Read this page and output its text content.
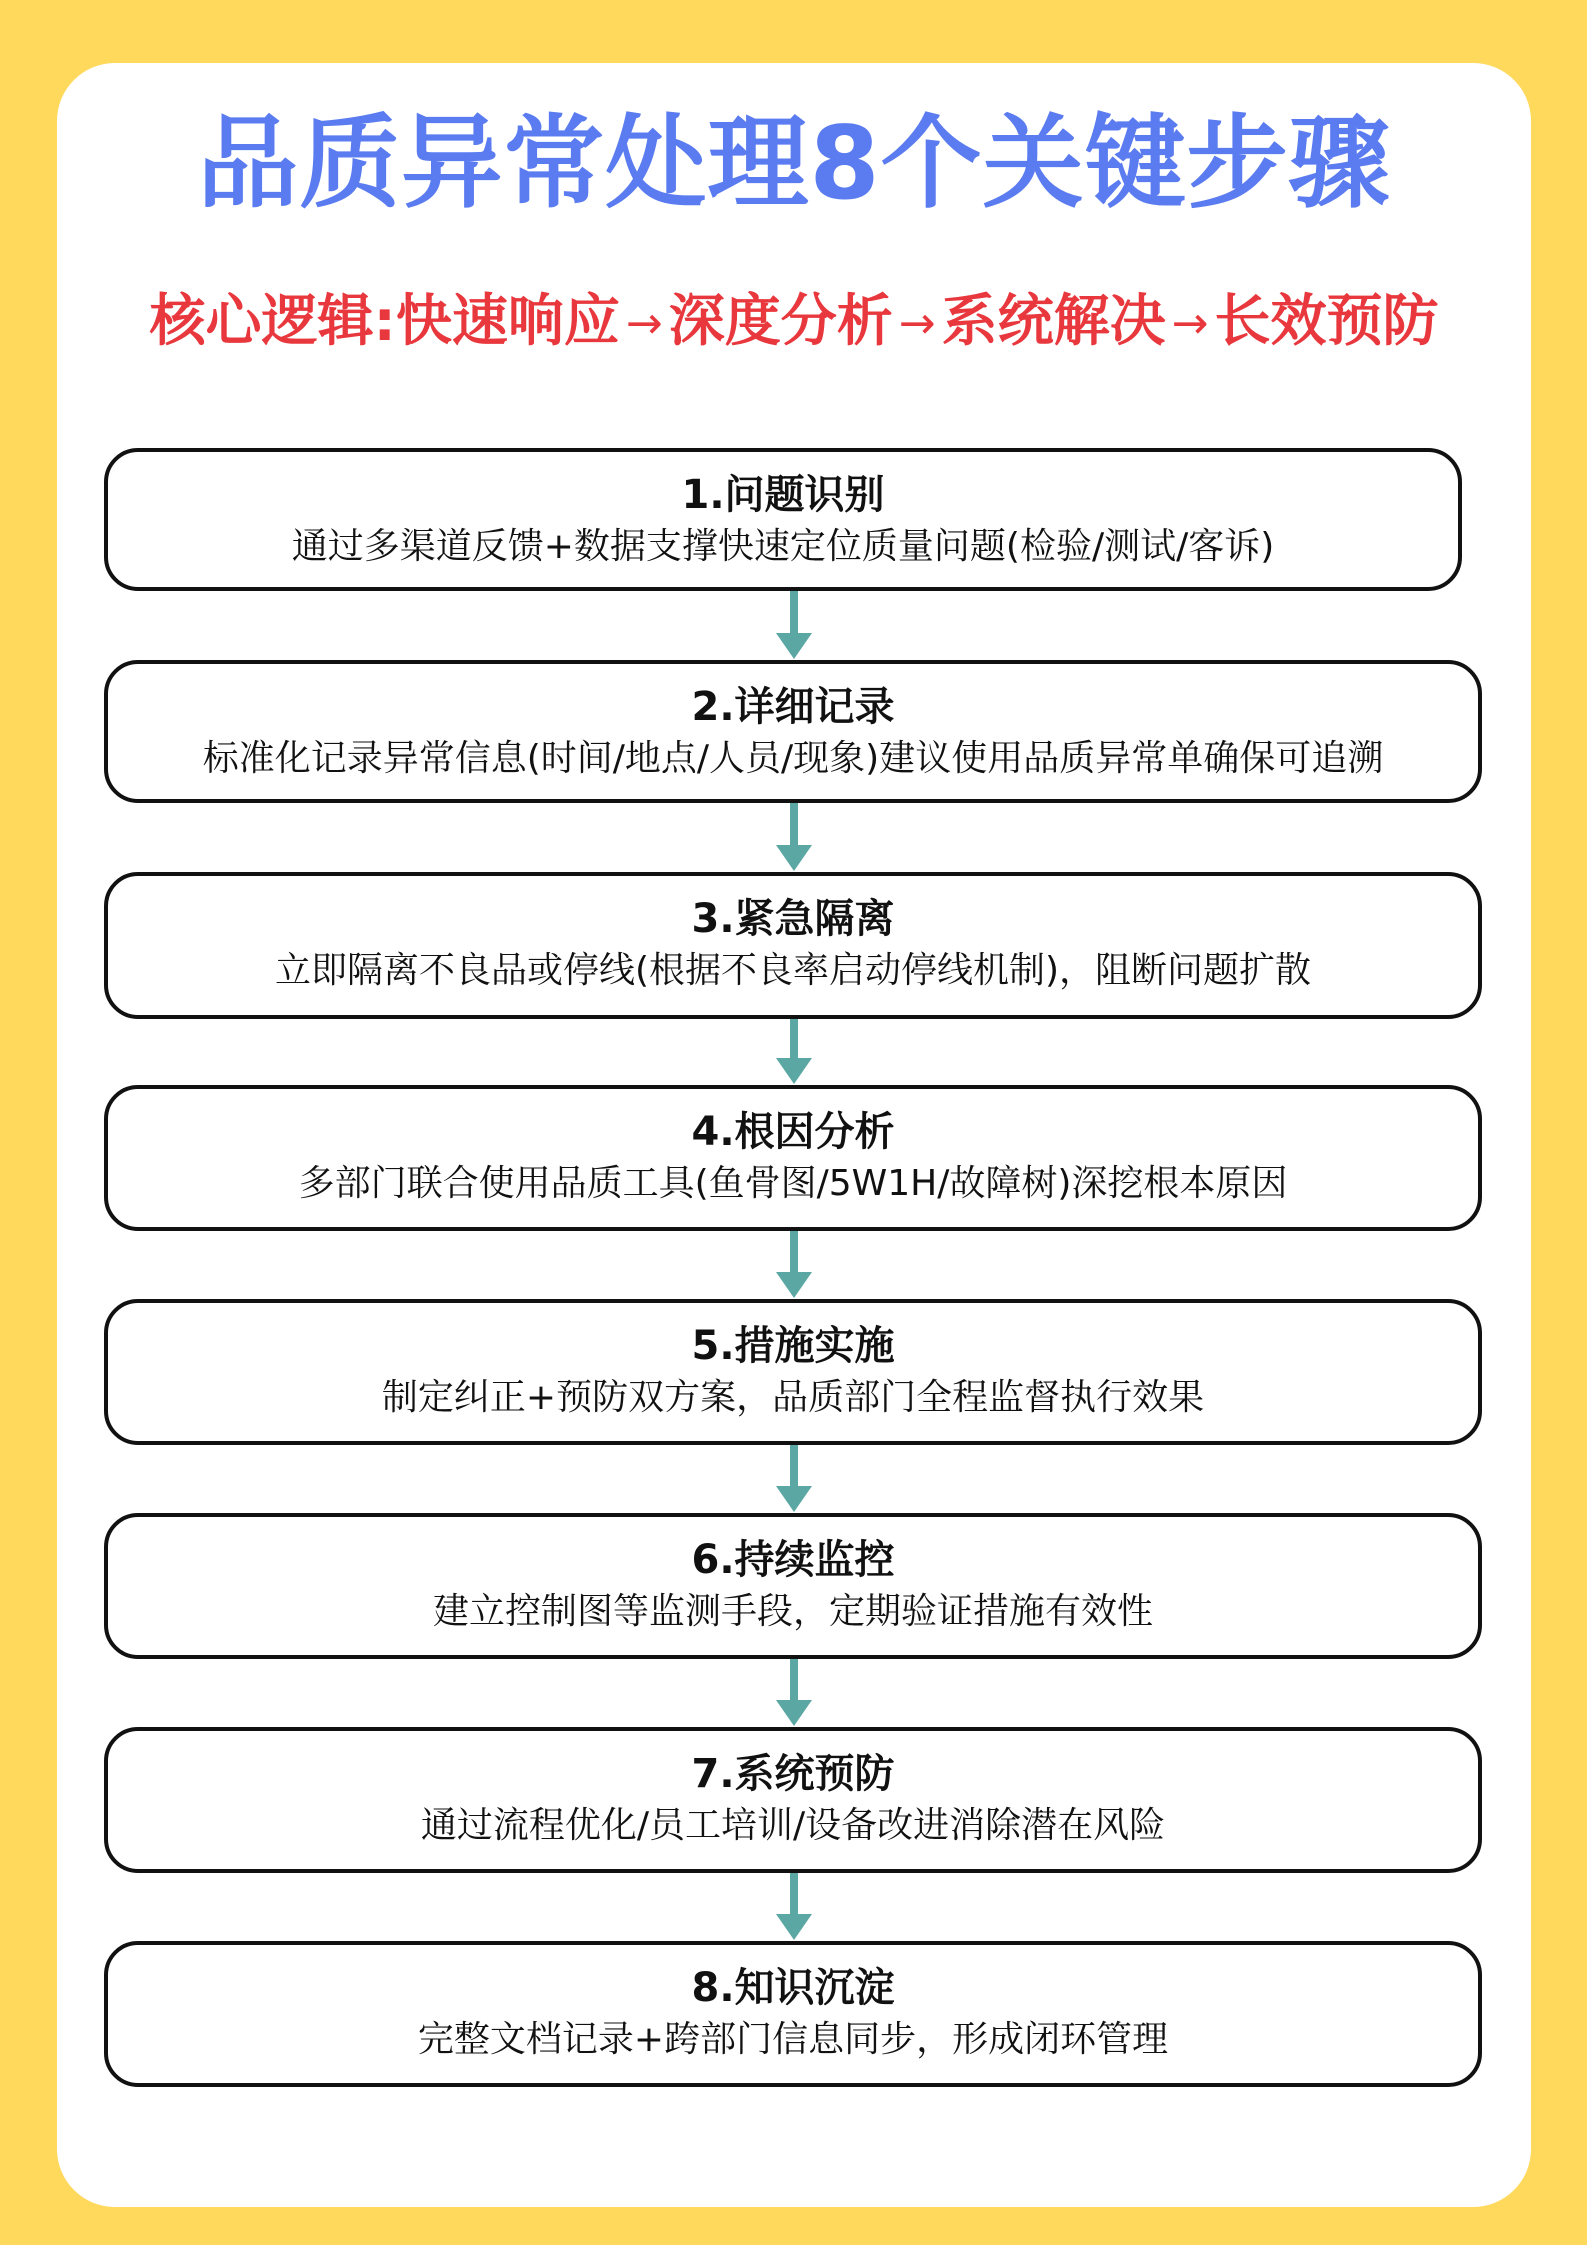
品质异常处理8个关键步骤
核心逻辑:快速响应 → 深度分析 → 系统解决 → 长效预防
1.问题识别
通过多渠道反馈+数据支撑快速定位质量问题(检验/测试/客诉)
2.详细记录
标准化记录异常信息(时间/地点/人员/现象)建议使用品质异常单确保可追溯
3.紧急隔离
立即隔离不良品或停线(根据不良率启动停线机制)，阻断问题扩散
4.根因分析
多部门联合使用品质工具(鱼骨图/5W1H/故障树)深挖根本原因
5.措施实施
制定纠正+预防双方案，品质部门全程监督执行效果
6.持续监控
建立控制图等监测手段，定期验证措施有效性
7.系统预防
通过流程优化/员工培训/设备改进消除潜在风险
8.知识沉淀
完整文档记录+跨部门信息同步，形成闭环管理
